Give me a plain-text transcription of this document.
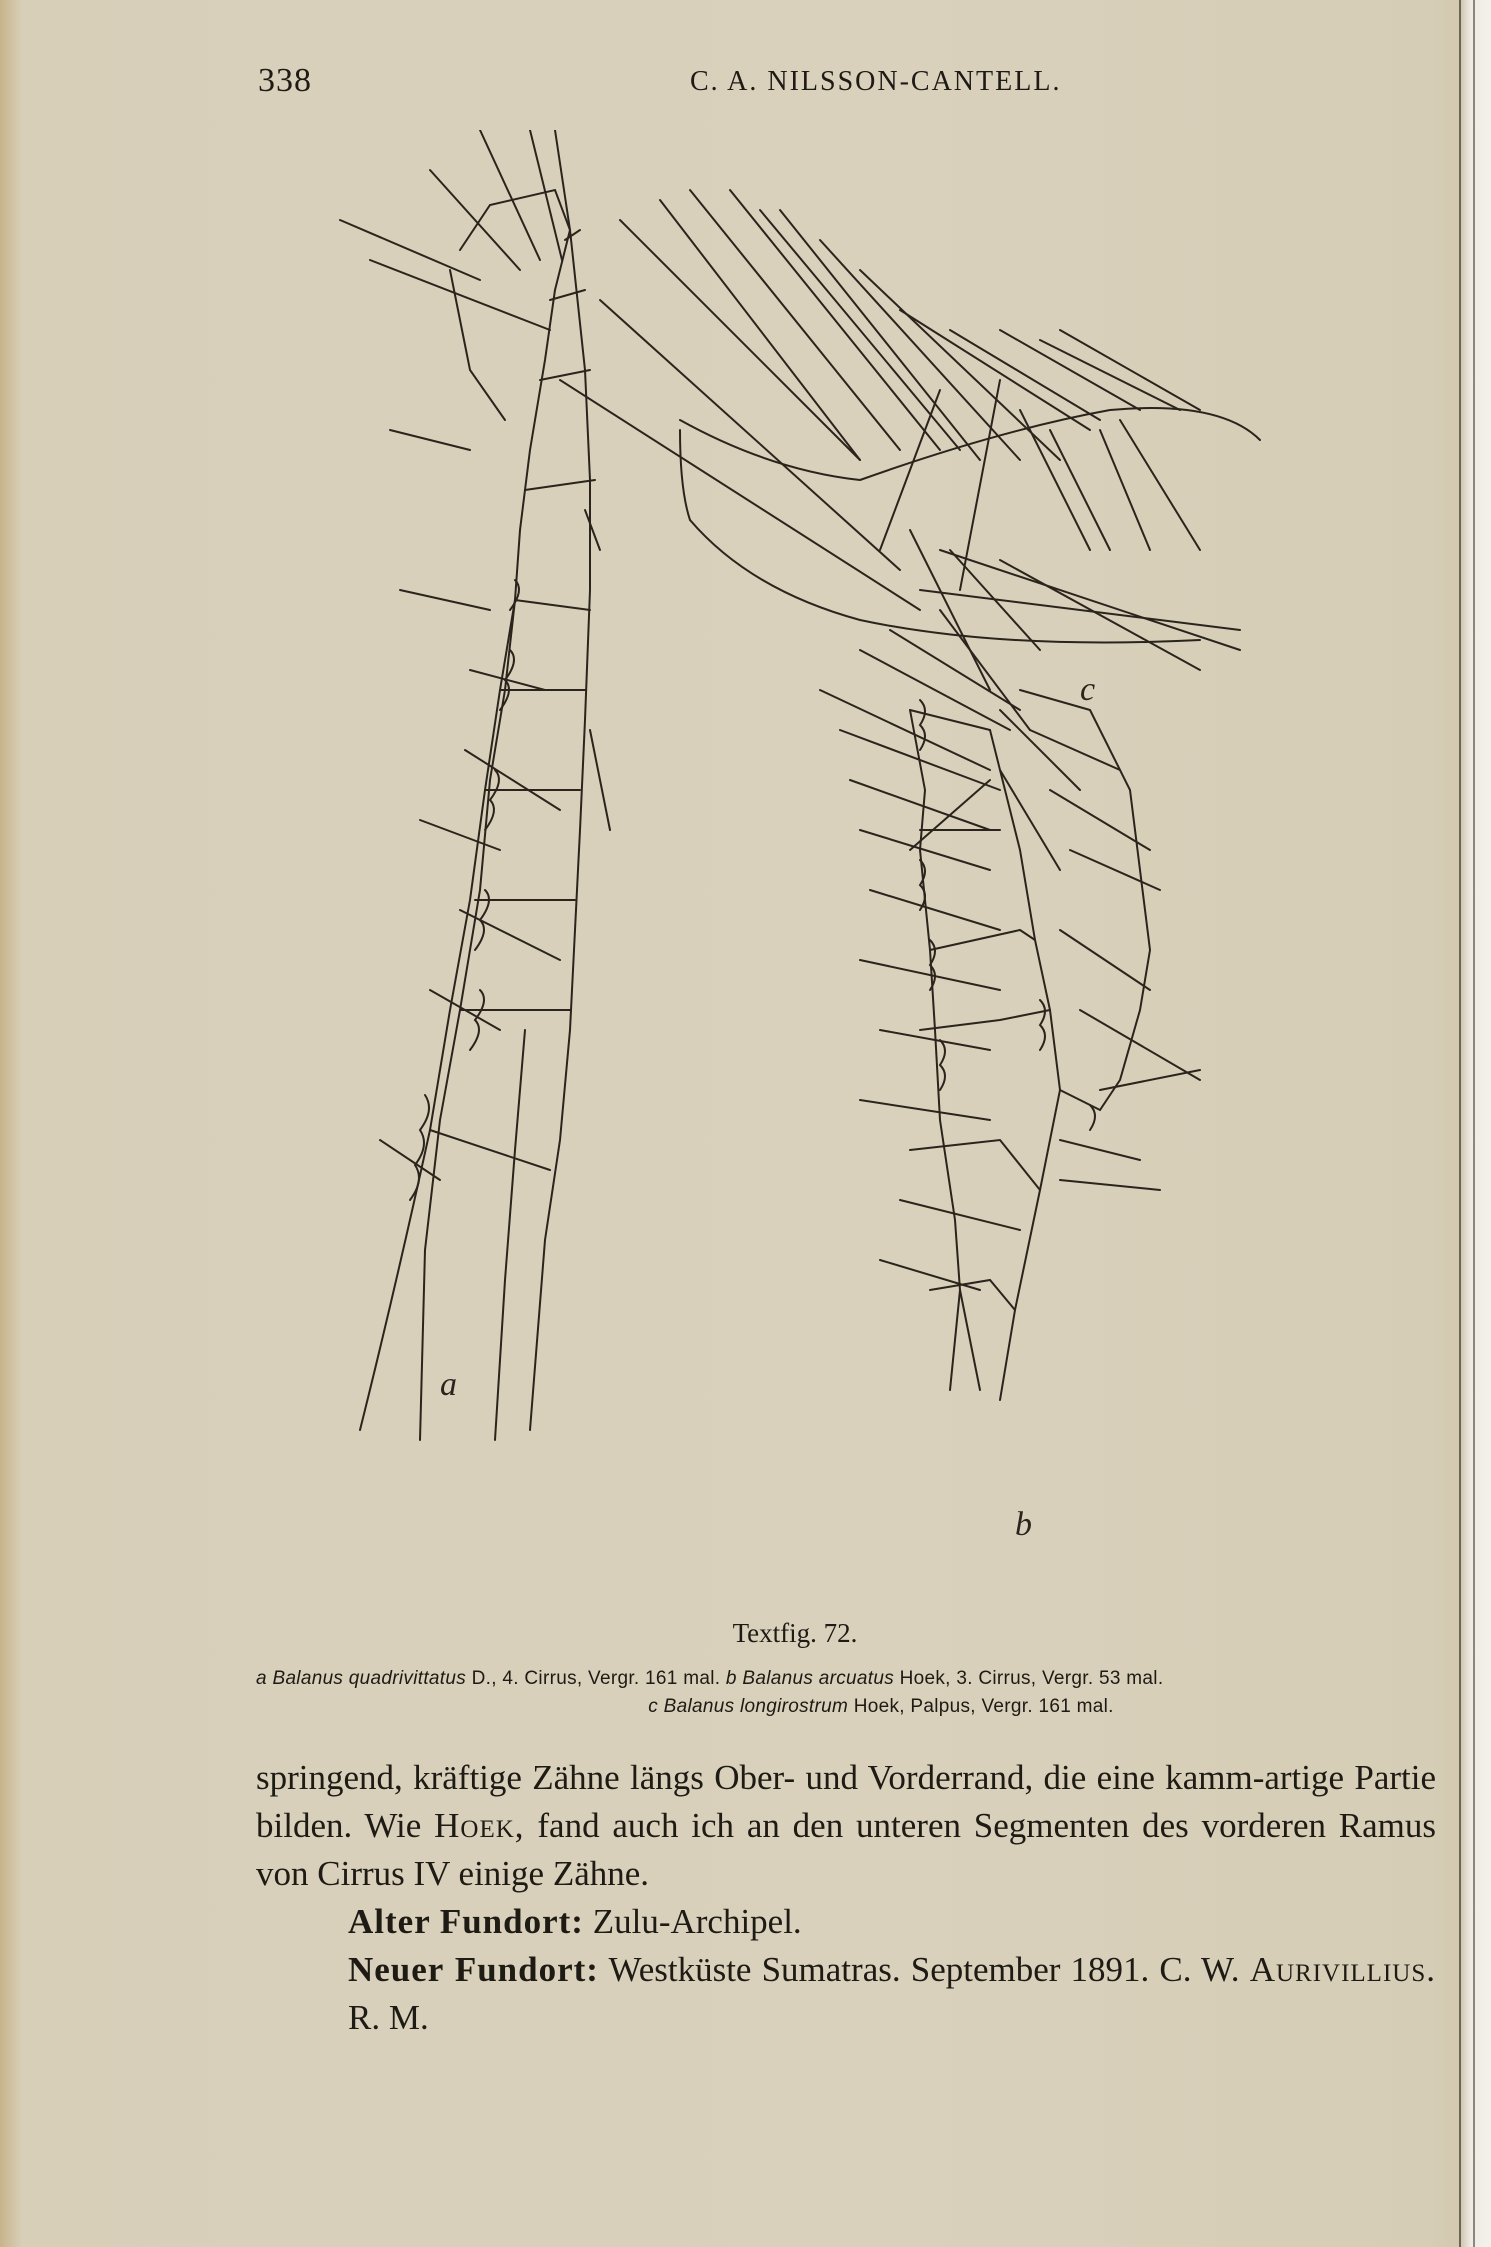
338	C. A. NILSSON-CANTELL.
a
b
c
Textfig. 72.
a Balanus quadrivittatus D., 4. Cirrus, Vergr. 161 mal. b Balanus arcuatus Hoek, 3. Cirrus, Vergr. 53 mal.
c Balanus longirostrum Hoek, Palpus, Vergr. 161 mal.

springend, kräftige Zähne längs Ober- und Vorderrand, die eine kamm-artige Partie bilden. Wie Hoek, fand auch ich an den unteren Segmenten des vorderen Ramus von Cirrus IV einige Zähne.

Alter Fundort: Zulu-Archipel.

Neuer Fundort: Westküste Sumatras. September 1891. C. W. Aurivillius. R. M.
